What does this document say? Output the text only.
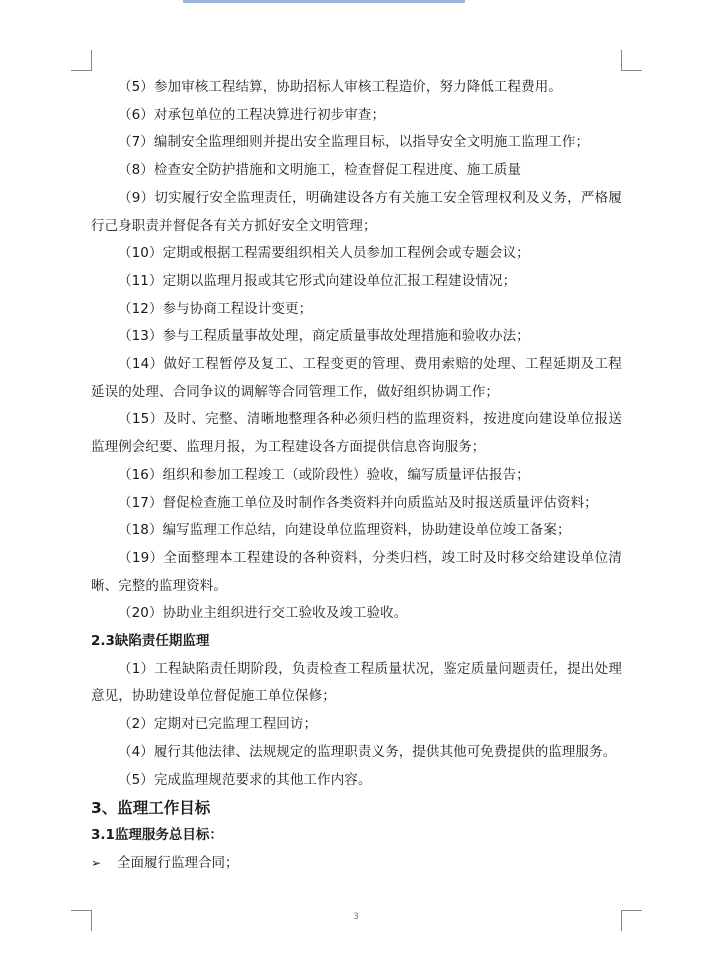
（5）参加审核工程结算，协助招标人审核工程造价，努力降低工程费用。

（6）对承包单位的工程决算进行初步审查；

（7）编制安全监理细则并提出安全监理目标，以指导安全文明施工监理工作；

（8）检查安全防护措施和文明施工，检查督促工程进度、施工质量

（9）切实履行安全监理责任，明确建设各方有关施工安全管理权利及义务，严格履行己身职责并督促各有关方抓好安全文明管理；

（10）定期或根据工程需要组织相关人员参加工程例会或专题会议；

（11）定期以监理月报或其它形式向建设单位汇报工程建设情况；

（12）参与协商工程设计变更；

（13）参与工程质量事故处理，商定质量事故处理措施和验收办法；

（14）做好工程暂停及复工、工程变更的管理、费用索赔的处理、工程延期及工程延误的处理、合同争议的调解等合同管理工作，做好组织协调工作；

（15）及时、完整、清晰地整理各种必须归档的监理资料，按进度向建设单位报送监理例会纪要、监理月报，为工程建设各方面提供信息咨询服务；

（16）组织和参加工程竣工（或阶段性）验收，编写质量评估报告；

（17）督促检查施工单位及时制作各类资料并向质监站及时报送质量评估资料；

（18）编写监理工作总结，向建设单位监理资料，协助建设单位竣工备案；

（19）全面整理本工程建设的各种资料，分类归档，竣工时及时移交给建设单位清晰、完整的监理资料。

（20）协助业主组织进行交工验收及竣工验收。

2.3缺陷责任期监理

（1）工程缺陷责任期阶段，负责检查工程质量状况，鉴定质量问题责任，提出处理意见，协助建设单位督促施工单位保修；

（2）定期对已完监理工程回访；

（4）履行其他法律、法规规定的监理职责义务，提供其他可免费提供的监理服务。

（5）完成监理规范要求的其他工作内容。

3、监理工作目标

3.1监理服务总目标：

➢ 全面履行监理合同；
3
